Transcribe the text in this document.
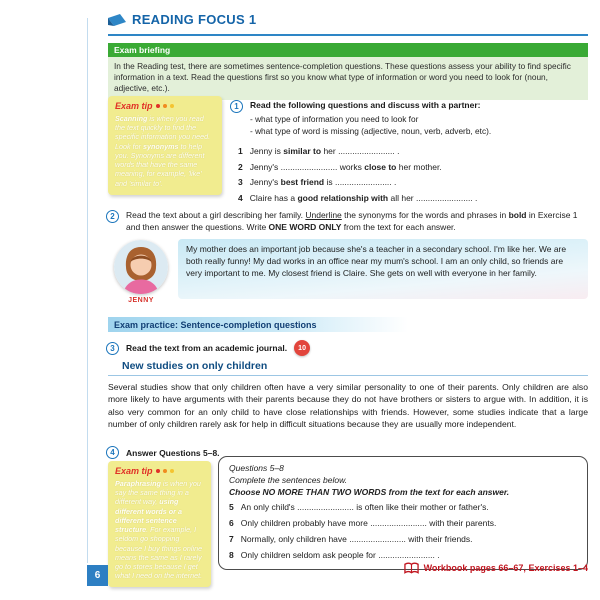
READING FOCUS 1
Exam briefing
In the Reading test, there are sometimes sentence-completion questions. These questions assess your ability to find specific information in a text. Read the questions first so you know what type of information or word you need to look for (noun, adjective, etc.).
Exam tip
Scanning is when you read the text quickly to find the specific information you need. Look for synonyms to help you. Synonyms are different words that have the same meaning, for example, 'like' and 'similar to'.
1	Read the following questions and discuss with a partner:
- what type of information you need to look for
- what type of word is missing (adjective, noun, verb, adverb, etc).
1 Jenny is similar to her ........................ .
2 Jenny's ........................ works close to her mother.
3 Jenny's best friend is ........................ .
4 Claire has a good relationship with all her ........................ .
2	Read the text about a girl describing her family. Underline the synonyms for the words and phrases in bold in Exercise 1 and then answer the questions. Write ONE WORD ONLY from the text for each answer.
JENNY
My mother does an important job because she's a teacher in a secondary school. I'm like her. We are both really funny! My dad works in an office near my mum's school. I am an only child, so friends are very important to me. My closest friend is Claire. She gets on well with everyone in her family.
Exam practice: Sentence-completion questions
3	Read the text from an academic journal. 10
New studies on only children
Several studies show that only children often have a very similar personality to one of their parents. Only children are also more likely to have arguments with their parents because they do not have brothers or sisters to argue with. In addition, it is also very common for an only child to have close relationships with friends. However, some studies indicate that a large number of only children rarely ask for help in difficult situations because they are usually more independent.
4	Answer Questions 5–8.
Exam tip
Paraphrasing is when you say the same thing in a different way, using different words or a different sentence structure. For example, I seldom go shopping because I buy things online means the same as I rarely go to stores because I get what I need on the internet.
Questions 5–8
Complete the sentences below.
Choose NO MORE THAN TWO WORDS from the text for each answer.
5 An only child's ........................ is often like their mother or father's.
6 Only children probably have more ........................ with their parents.
7 Normally, only children have ........................ with their friends.
8 Only children seldom ask people for ........................ .
Workbook pages 66–67, Exercises 1–4
6
